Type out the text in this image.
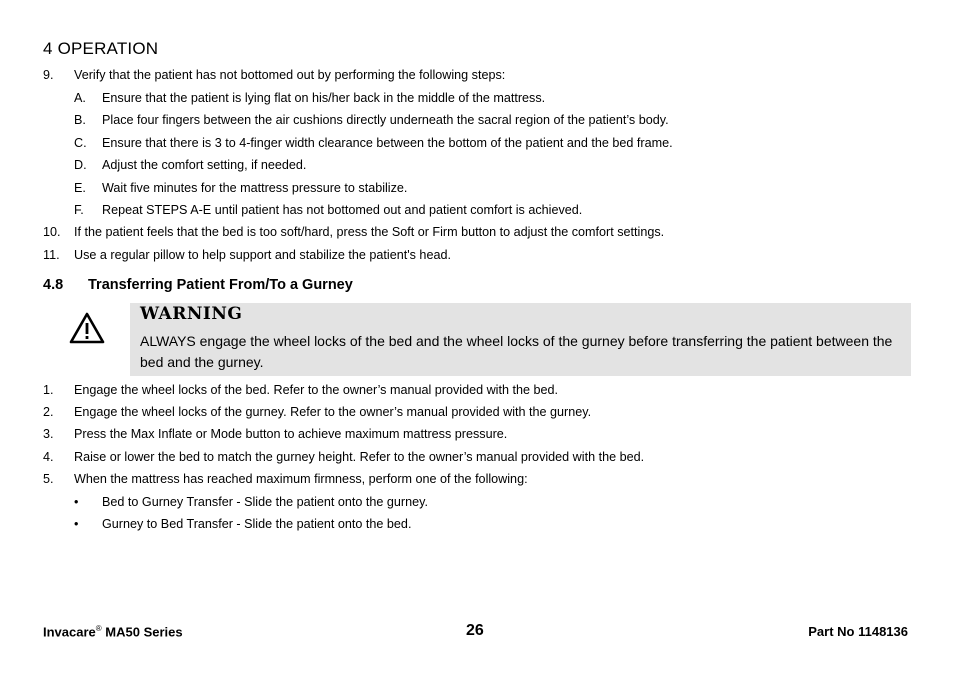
4 OPERATION
9. Verify that the patient has not bottomed out by performing the following steps:
A. Ensure that the patient is lying flat on his/her back in the middle of the mattress.
B. Place four fingers between the air cushions directly underneath the sacral region of the patient’s body.
C. Ensure that there is 3 to 4-finger width clearance between the bottom of the patient and the bed frame.
D. Adjust the comfort setting, if needed.
E. Wait five minutes for the mattress pressure to stabilize.
F. Repeat STEPS A-E until patient has not bottomed out and patient comfort is achieved.
10. If the patient feels that the bed is too soft/hard, press the Soft or Firm button to adjust the comfort settings.
11. Use a regular pillow to help support and stabilize the patient's head.
4.8 Transferring Patient From/To a Gurney
WARNING
ALWAYS engage the wheel locks of the bed and the wheel locks of the gurney before transferring the patient between the bed and the gurney.
1. Engage the wheel locks of the bed. Refer to the owner’s manual provided with the bed.
2. Engage the wheel locks of the gurney. Refer to the owner’s manual provided with the gurney.
3. Press the Max Inflate or Mode button to achieve maximum mattress pressure.
4. Raise or lower the bed to match the gurney height. Refer to the owner’s manual provided with the bed.
5. When the mattress has reached maximum firmness, perform one of the following:
• Bed to Gurney Transfer - Slide the patient onto the gurney.
• Gurney to Bed Transfer - Slide the patient onto the bed.
Invacare® MA50 Series	26	Part No 1148136
